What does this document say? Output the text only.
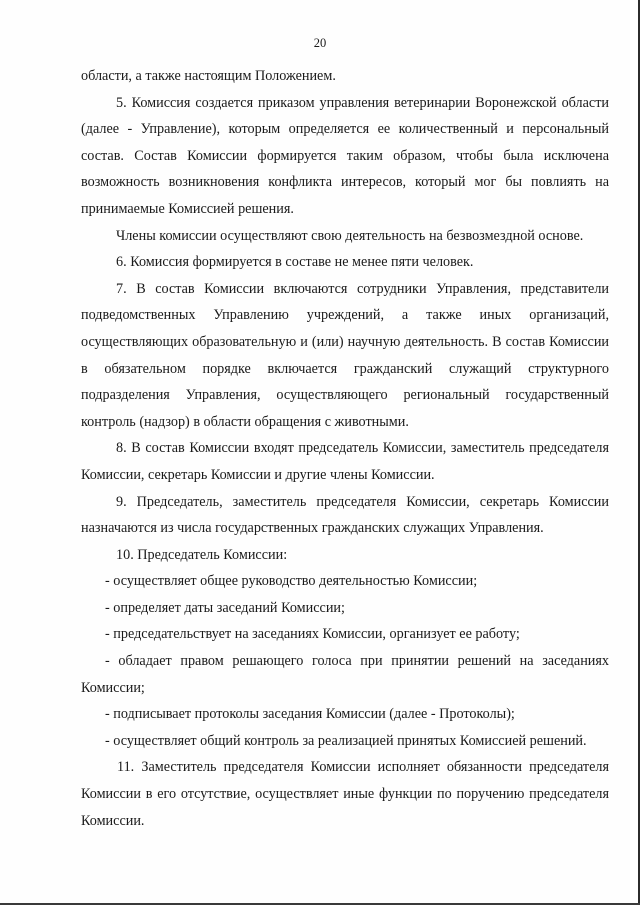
20

области, а также настоящим Положением.

5. Комиссия создается приказом управления ветеринарии Воронежской области (далее - Управление), которым определяется ее количественный и персональный состав. Состав Комиссии формируется таким образом, чтобы была исключена возможность возникновения конфликта интересов, который мог бы повлиять на принимаемые Комиссией решения.

Члены комиссии осуществляют свою деятельность на безвозмездной основе.

6. Комиссия формируется в составе не менее пяти человек.

7. В состав Комиссии включаются сотрудники Управления, представители подведомственных Управлению учреждений, а также иных организаций, осуществляющих образовательную и (или) научную деятельность. В состав Комиссии в обязательном порядке включается гражданский служащий структурного подразделения Управления, осуществляющего региональный государственный контроль (надзор) в области обращения с животными.

8. В состав Комиссии входят председатель Комиссии, заместитель председателя Комиссии, секретарь Комиссии и другие члены Комиссии.

9. Председатель, заместитель председателя Комиссии, секретарь Комиссии назначаются из числа государственных гражданских служащих Управления.

10. Председатель Комиссии:

- осуществляет общее руководство деятельностью Комиссии;

- определяет даты заседаний Комиссии;

- председательствует на заседаниях Комиссии, организует ее работу;

- обладает правом решающего голоса при принятии решений на заседаниях Комиссии;

- подписывает протоколы заседания Комиссии (далее - Протоколы);

- осуществляет общий контроль за реализацией принятых Комиссией решений.

11. Заместитель председателя Комиссии исполняет обязанности председателя Комиссии в его отсутствие, осуществляет иные функции по поручению председателя Комиссии.
